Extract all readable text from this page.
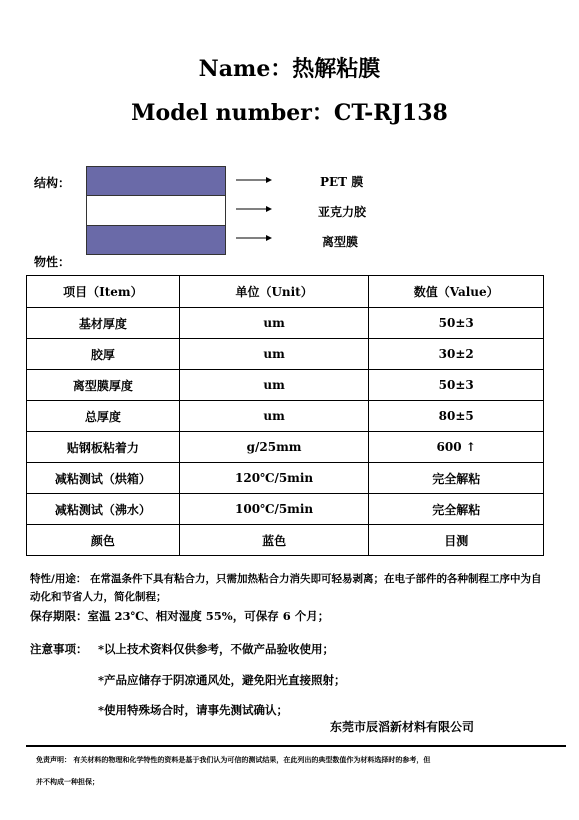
Name：热解粘膜
Model number：CT-RJ138
结构：	PET 膜
亚克力胶
离型膜
物性：
项目（Item）	单位（Unit）	数值（Value）
基材厚度	um	50±3
胶厚	um	30±2
离型膜厚度	um	50±3
总厚度	um	80±5
贴钢板粘着力	g/25mm	600 ↑
减粘测试（烘箱）	120℃/5min	完全解粘
减粘测试（沸水）	100℃/5min	完全解粘
颜色	蓝色	目测
特性/用途： 在常温条件下具有粘合力，只需加热粘合力消失即可轻易剥离；在电子部件的各种制程工序中为自动化和节省人力，简化制程；
保存期限：室温 23℃、相对湿度 55%，可保存 6 个月；
注意事项： *以上技术资料仅供参考，不做产品验收使用；
*产品应储存于阴凉通风处，避免阳光直接照射；
*使用特殊场合时，请事先测试确认；
东莞市辰滔新材料有限公司
免责声明： 有关材料的物理和化学特性的资料是基于我们认为可信的测试结果，在此列出的典型数值作为材料选择时的参考，但
并不构成一种担保；
